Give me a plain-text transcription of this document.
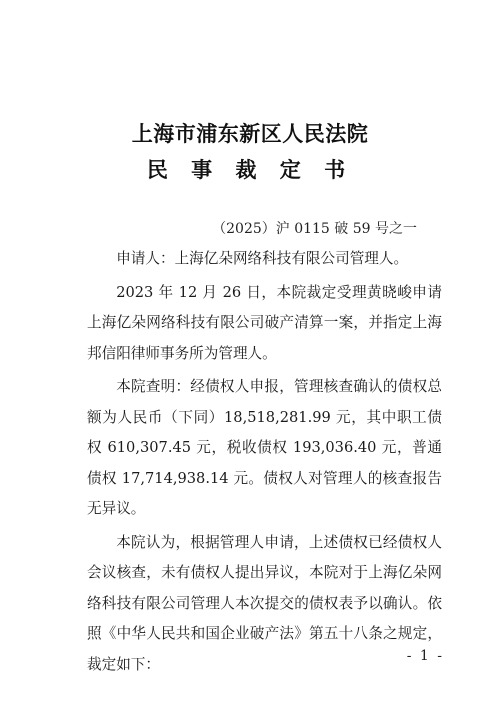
上海市浦东新区人民法院
民 事 裁 定 书
（2025）沪 0115 破 59 号之一

申请人：上海亿朵网络科技有限公司管理人。

2023 年 12 月 26 日，本院裁定受理黄晓峻申请上海亿朵网络科技有限公司破产清算一案，并指定上海邦信阳律师事务所为管理人。

本院查明：经债权人申报，管理核查确认的债权总额为人民币（下同）18,518,281.99 元，其中职工债权 610,307.45 元，税收债权 193,036.40 元，普通债权 17,714,938.14 元。债权人对管理人的核查报告无异议。

本院认为，根据管理人申请，上述债权已经债权人会议核查，未有债权人提出异议，本院对于上海亿朵网络科技有限公司管理人本次提交的债权表予以确认。依照《中华人民共和国企业破产法》第五十八条之规定，裁定如下：	- 1 -
